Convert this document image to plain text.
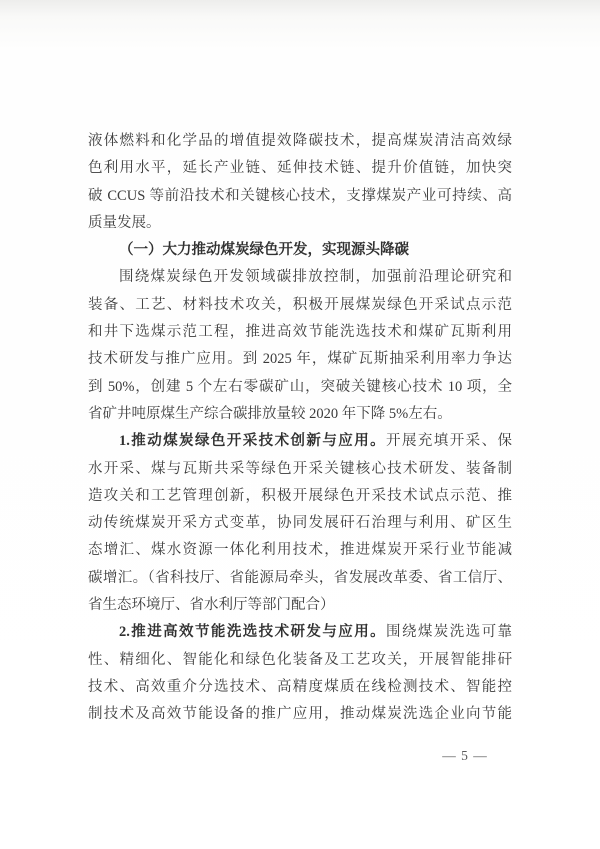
液体燃料和化学品的增值提效降碳技术，提高煤炭清洁高效绿
色利用水平，延长产业链、延伸技术链、提升价值链，加快突
破 CCUS 等前沿技术和关键核心技术，支撑煤炭产业可持续、高
质量发展。
（一）大力推动煤炭绿色开发，实现源头降碳
围绕煤炭绿色开发领域碳排放控制，加强前沿理论研究和
装备、工艺、材料技术攻关，积极开展煤炭绿色开采试点示范
和井下选煤示范工程，推进高效节能洗选技术和煤矿瓦斯利用
技术研发与推广应用。到 2025 年，煤矿瓦斯抽采利用率力争达
到 50%，创建 5 个左右零碳矿山，突破关键核心技术 10 项，全
省矿井吨原煤生产综合碳排放量较 2020 年下降 5%左右。
1.推动煤炭绿色开采技术创新与应用。开展充填开采、保
水开采、煤与瓦斯共采等绿色开采关键核心技术研发、装备制
造攻关和工艺管理创新，积极开展绿色开采技术试点示范、推
动传统煤炭开采方式变革，协同发展矸石治理与利用、矿区生
态增汇、煤水资源一体化利用技术，推进煤炭开采行业节能减
碳增汇。（省科技厅、省能源局牵头，省发展改革委、省工信厅、
省生态环境厅、省水利厅等部门配合）
2.推进高效节能洗选技术研发与应用。围绕煤炭洗选可靠
性、精细化、智能化和绿色化装备及工艺攻关，开展智能排矸
技术、高效重介分选技术、高精度煤质在线检测技术、智能控
制技术及高效节能设备的推广应用，推动煤炭洗选企业向节能
— 5 —
